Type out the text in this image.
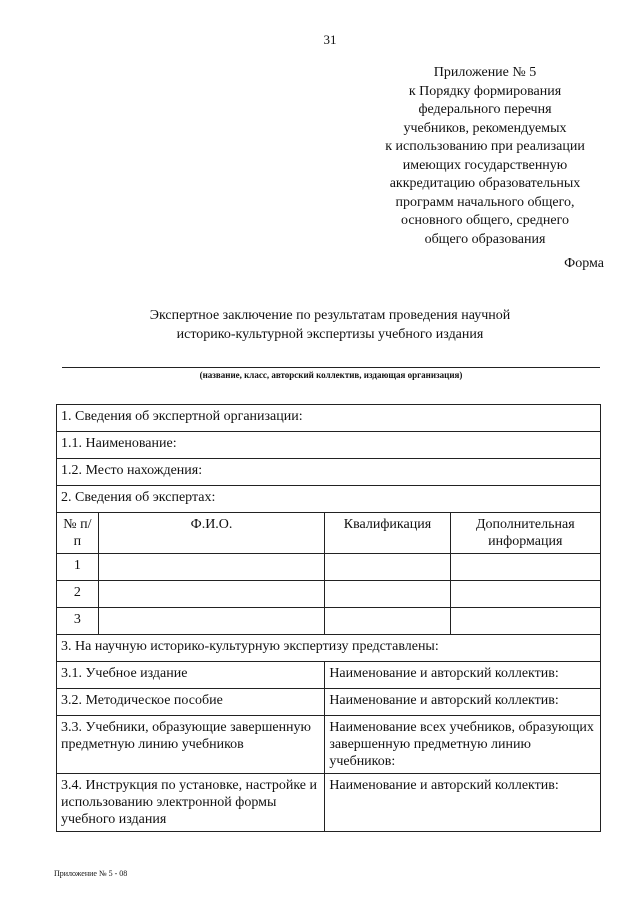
31
Приложение № 5
к Порядку формирования
федерального перечня
учебников, рекомендуемых
к использованию при реализации
имеющих государственную
аккредитацию образовательных
программ начального общего,
основного общего, среднего
общего образования
Форма
Экспертное заключение по результатам проведения научной
историко-культурной экспертизы учебного издания
(название, класс, авторский коллектив, издающая организация)
1. Сведения об экспертной организации:			
1.1. Наименование:			
1.2. Место нахождения:			
2. Сведения об экспертах:			
№ п/п	Ф.И.О.	Квалификация	Дополнительная информация
1			
2			
3			
3. На научную историко-культурную экспертизу представлены:			
3.1. Учебное издание		Наименование и авторский коллектив:	
3.2. Методическое пособие		Наименование и авторский коллектив:	
3.3. Учебники, образующие завершенную предметную линию учебников		Наименование всех учебников, образующих завершенную предметную линию учебников:	
3.4. Инструкция по установке, настройке и использованию электронной формы учебного издания		Наименование и авторский коллектив:	
Приложение № 5 - 08
